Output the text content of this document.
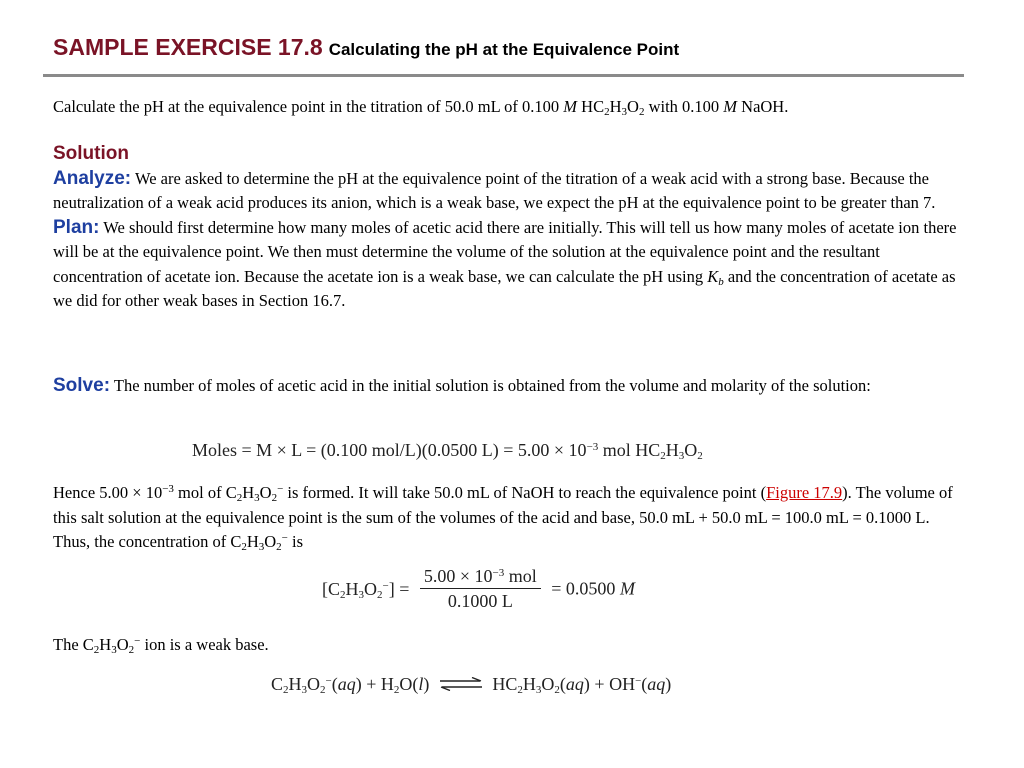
SAMPLE EXERCISE 17.8 Calculating the pH at the Equivalence Point
Calculate the pH at the equivalence point in the titration of 50.0 mL of 0.100 M $HC_2H_3O_2$ with 0.100 M NaOH.
Solution
Analyze: We are asked to determine the pH at the equivalence point of the titration of a weak acid with a strong base. Because the neutralization of a weak acid produces its anion, which is a weak base, we expect the pH at the equivalence point to be greater than 7.
Plan: We should first determine how many moles of acetic acid there are initially. This will tell us how many moles of acetate ion there will be at the equivalence point. We then must determine the volume of the solution at the equivalence point and the resultant concentration of acetate ion. Because the acetate ion is a weak base, we can calculate the pH using $K_b$ and the concentration of acetate as we did for other weak bases in Section 16.7.
Solve: The number of moles of acetic acid in the initial solution is obtained from the volume and molarity of the solution:
Moles = M × L = (0.100 mol/L)(0.0500 $L) = 5.00 \times 10^{-3}$ mol $HC_2H_3O_2$
Hence $5.00 \times 10^{-3}$ mol of $C_2H_3O_2^-$ is formed. It will take 50.0 mL of NaOH to reach the equivalence point (Figure 17.9). The volume of this salt solution at the equivalence point is the sum of the volumes of the acid and base, 50.0 mL + 50.0 mL = 100.0 mL = 0.1000 L. Thus, the concentration of $C_2H_3O_2^-$ is
$[C_2H_3O_2^-] = \frac{5.00 \times 10^{-3} mol}{0.1000 L} = 0.0500$ M
The $C_2H_3O_2^-$ ion is a weak base.
$C_2H_3O_2^-(aq) + H_2O(l)$ ⇌ $HC_2H_3O_2(aq) + OH^-(aq)$
